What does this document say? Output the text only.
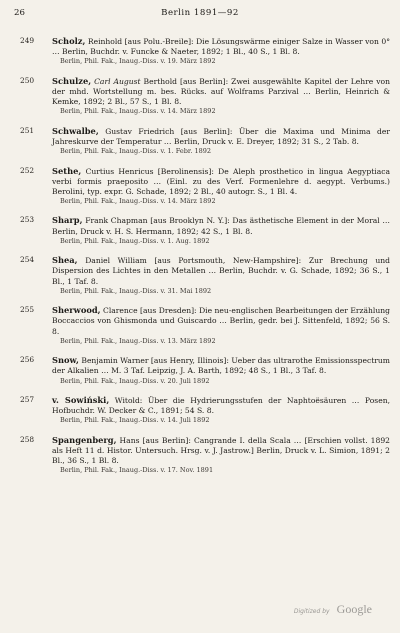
26	Berlin 1891—92
249 Scholz, Reinhold [aus Polu.-Breile]: Die Lösungswärme einiger Salze in Wasser von 0° … Berlin, Buchdr. v. Funcke & Naeter, 1892; 1 Bl., 40 S., 1 Bl. 8.
Berlin, Phil. Fak., Inaug.-Diss. v. 19. März 1892
250 Schulze, Carl August Berthold [aus Berlin]: Zwei ausgewählte Kapitel der Lehre von der mhd. Wortstellung m. bes. Rücks. auf Wolframs Parzival … Berlin, Heinrich & Kemke, 1892; 2 Bl., 57 S., 1 Bl. 8.
Berlin, Phil. Fak., Inaug.-Diss. v. 14. März 1892
251 Schwalbe, Gustav Friedrich [aus Berlin]: Über die Maxima und Minima der Jahreskurve der Temperatur … Berlin, Druck v. E. Dreyer, 1892; 31 S., 2 Tab. 8.
Berlin, Phil. Fak., Inaug.-Diss. v. 1. Febr. 1892
252 Sethe, Curtius Henricus [Berolinensis]: De Aleph prosthetico in lingua Aegyptiaca verbi formis praeposito … (Einl. zu des Verf. Formenlehre d. aegypt. Verbums.) Berolini, typ. expr. G. Schade, 1892; 2 Bl., 40 autogr. S., 1 Bl. 4.
Berlin, Phil. Fak., Inaug.-Diss. v. 14. März 1892
253 Sharp, Frank Chapman [aus Brooklyn N. Y.]: Das ästhetische Element in der Moral … Berlin, Druck v. H. S. Hermann, 1892; 42 S., 1 Bl. 8.
Berlin, Phil. Fak., Inaug.-Diss. v. 1. Aug. 1892
254 Shea, Daniel William [aus Portsmouth, New-Hampshire]: Zur Brechung und Dispersion des Lichtes in den Metallen … Berlin, Buchdr. v. G. Schade, 1892; 36 S., 1 Bl., 1 Taf. 8.
Berlin, Phil. Fak., Inaug.-Diss. v. 31. Mai 1892
255 Sherwood, Clarence [aus Dresden]: Die neu-englischen Bearbeitungen der Erzählung Boccaccios von Ghismonda und Guiscardo … Berlin, gedr. bei J. Sittenfeld, 1892; 56 S. 8.
Berlin, Phil. Fak., Inaug.-Diss. v. 13. März 1892
256 Snow, Benjamin Warner [aus Henry, Illinois]: Ueber das ultrarothe Emissionsspectrum der Alkalien … M. 3 Taf. Leipzig, J. A. Barth, 1892; 48 S., 1 Bl., 3 Taf. 8.
Berlin, Phil. Fak., Inaug.-Diss. v. 20. Juli 1892
257 v. Sowiński, Witold: Über die Hydrierungsstufen der Naphtoësäuren … Posen, Hofbuchdr. W. Decker & C., 1891; 54 S. 8.
Berlin, Phil. Fak., Inaug.-Diss. v. 14. Juli 1892
258 Spangenberg, Hans [aus Berlin]: Cangrande I. della Scala … [Erschien vollst. 1892 als Heft 11 d. Histor. Untersuch. Hrsg. v. J. Jastrow.] Berlin, Druck v. L. Simion, 1891; 2 Bl., 36 S., 1 Bl. 8.
Berlin, Phil. Fak., Inaug.-Diss. v. 17. Nov. 1891
Digitized by Google
